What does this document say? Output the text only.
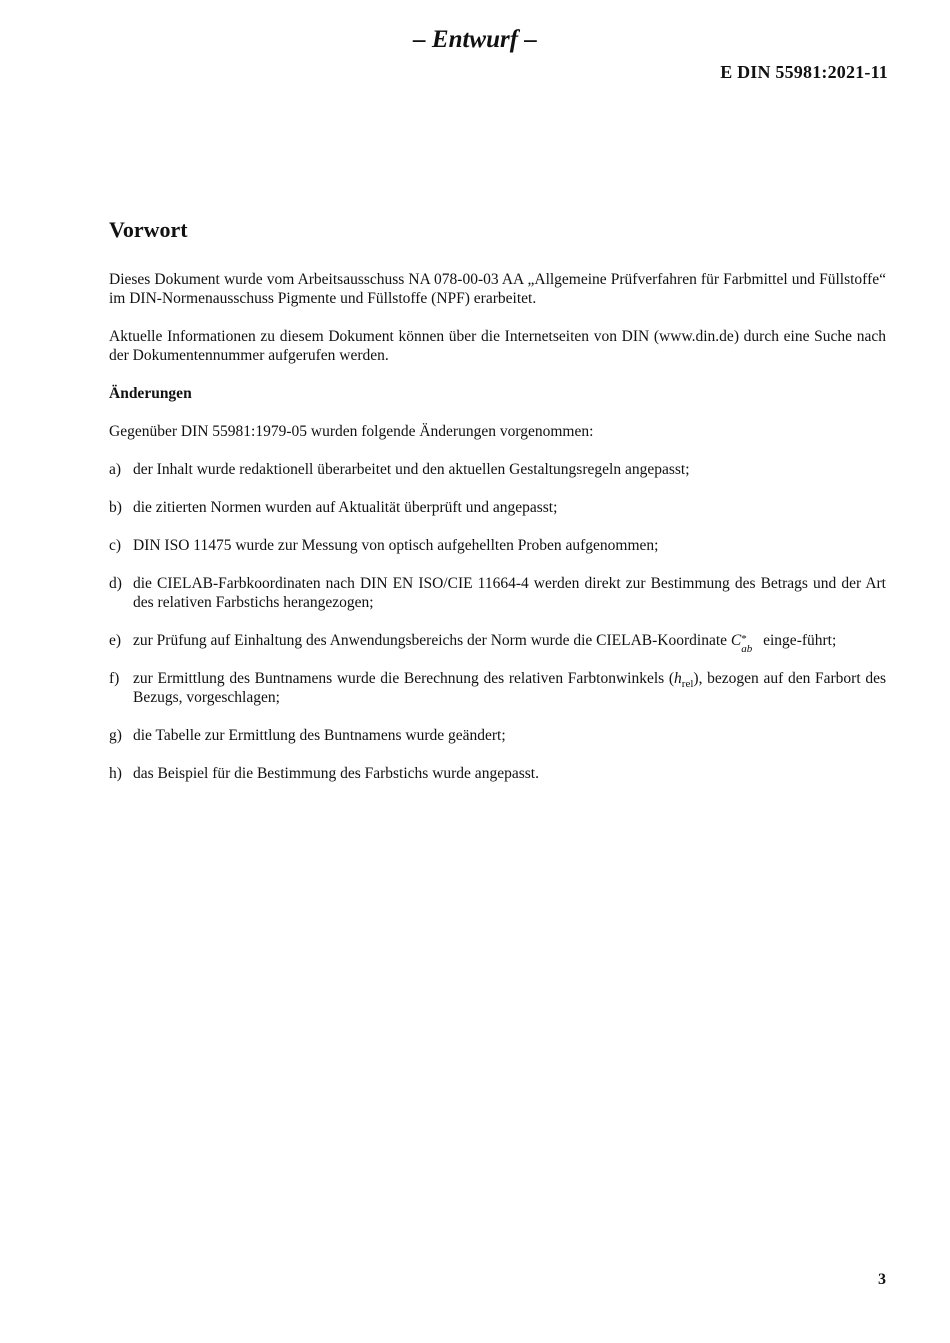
– Entwurf –
E DIN 55981:2021-11
Vorwort

Dieses Dokument wurde vom Arbeitsausschuss NA 078-00-03 AA „Allgemeine Prüfverfahren für Farbmittel und Füllstoffe“ im DIN-Normenausschuss Pigmente und Füllstoffe (NPF) erarbeitet.

Aktuelle Informationen zu diesem Dokument können über die Internetseiten von DIN (www.din.de) durch eine Suche nach der Dokumentennummer aufgerufen werden.

Änderungen

Gegenüber DIN 55981:1979-05 wurden folgende Änderungen vorgenommen:

a) der Inhalt wurde redaktionell überarbeitet und den aktuellen Gestaltungsregeln angepasst;
b) die zitierten Normen wurden auf Aktualität überprüft und angepasst;
c) DIN ISO 11475 wurde zur Messung von optisch aufgehellten Proben aufgenommen;
d) die CIELAB-Farbkoordinaten nach DIN EN ISO/CIE 11664-4 werden direkt zur Bestimmung des Betrags und der Art des relativen Farbstichs herangezogen;
e) zur Prüfung auf Einhaltung des Anwendungsbereichs der Norm wurde die CIELAB-Koordinate C *
ab einge-führt;
f) zur Ermittlung des Buntnamens wurde die Berechnung des relativen Farbtonwinkels $(h_{rel})$, bezogen auf den Farbort des Bezugs, vorgeschlagen;
g) die Tabelle zur Ermittlung des Buntnamens wurde geändert;
h) das Beispiel für die Bestimmung des Farbstichs wurde angepasst.
3
